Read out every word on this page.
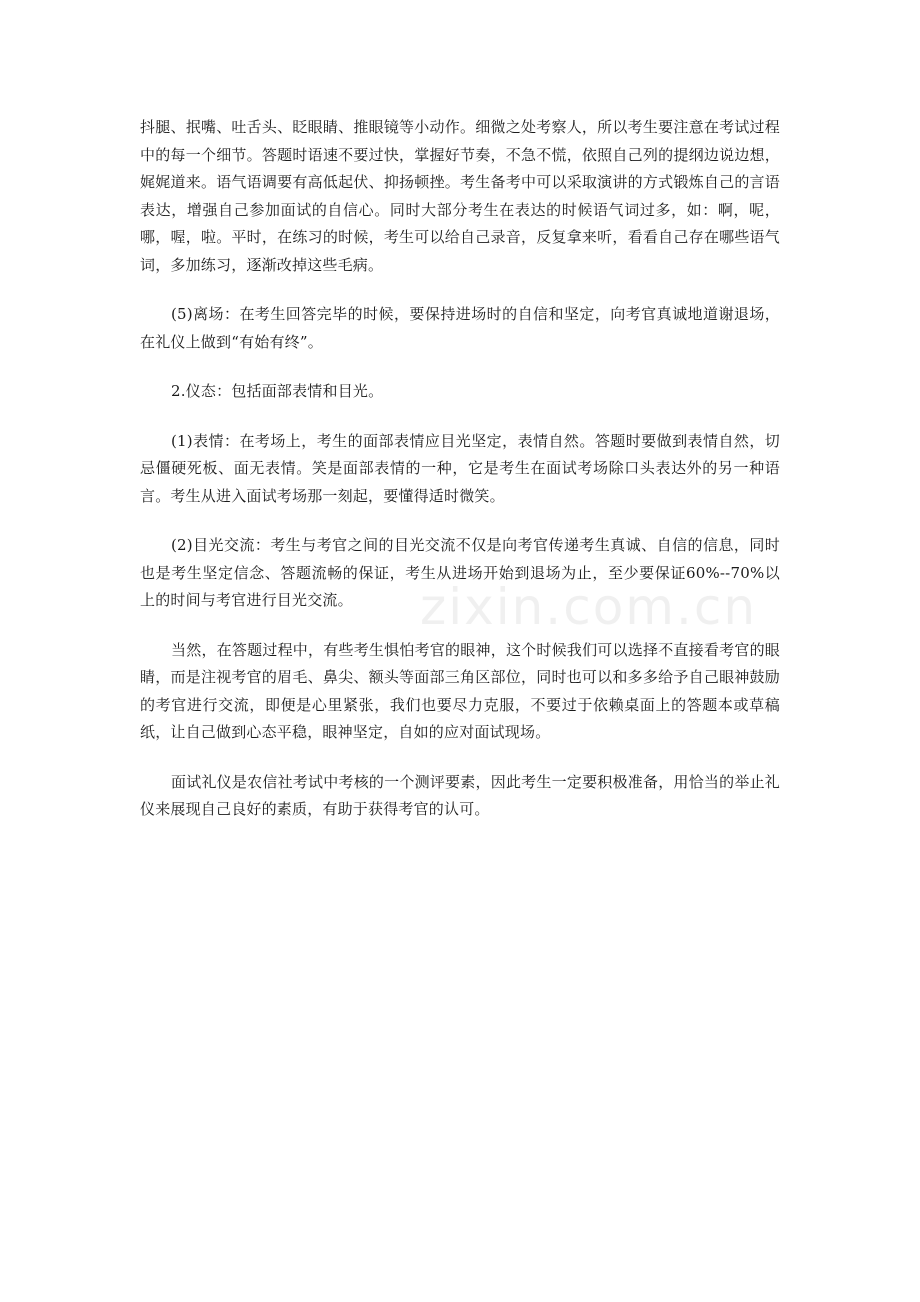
抖腿、抿嘴、吐舌头、眨眼睛、推眼镜等小动作。细微之处考察人，所以考生要注意在考试过程中的每一个细节。答题时语速不要过快，掌握好节奏，不急不慌，依照自己列的提纲边说边想，娓娓道来。语气语调要有高低起伏、抑扬顿挫。考生备考中可以采取演讲的方式锻炼自己的言语表达，增强自己参加面试的自信心。同时大部分考生在表达的时候语气词过多，如：啊，呢，哪，喔，啦。平时，在练习的时候，考生可以给自己录音，反复拿来听，看看自己存在哪些语气词，多加练习，逐渐改掉这些毛病。

(5)离场：在考生回答完毕的时候，要保持进场时的自信和坚定，向考官真诚地道谢退场，在礼仪上做到“有始有终”。

2.仪态：包括面部表情和目光。

(1)表情：在考场上，考生的面部表情应目光坚定，表情自然。答题时要做到表情自然，切忌僵硬死板、面无表情。笑是面部表情的一种，它是考生在面试考场除口头表达外的另一种语言。考生从进入面试考场那一刻起，要懂得适时微笑。

(2)目光交流：考生与考官之间的目光交流不仅是向考官传递考生真诚、自信的信息，同时也是考生坚定信念、答题流畅的保证，考生从进场开始到退场为止，至少要保证60%--70%以上的时间与考官进行目光交流。

当然，在答题过程中，有些考生惧怕考官的眼神，这个时候我们可以选择不直接看考官的眼睛，而是注视考官的眉毛、鼻尖、额头等面部三角区部位，同时也可以和多多给予自己眼神鼓励的考官进行交流，即便是心里紧张，我们也要尽力克服，不要过于依赖桌面上的答题本或草稿纸，让自己做到心态平稳，眼神坚定，自如的应对面试现场。

面试礼仪是农信社考试中考核的一个测评要素，因此考生一定要积极准备，用恰当的举止礼仪来展现自己良好的素质，有助于获得考官的认可。

zixin.com.cn
